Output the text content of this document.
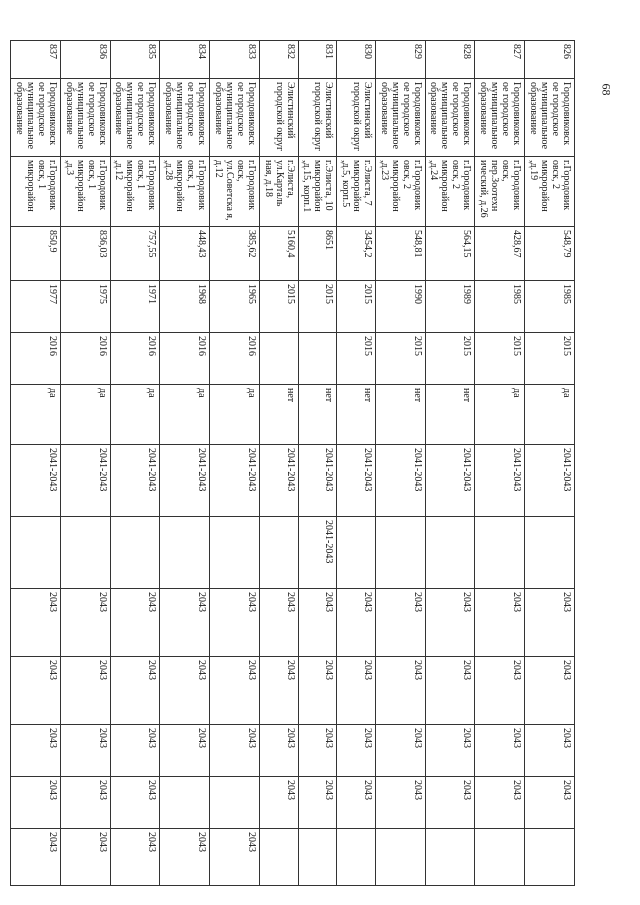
826	Городовиковск ое городское муниципальное образование	г.Городовик овск, 2 микрорайон ,д.19	548,79	1985	2015	да	2041-2043		2043	2043	2043	2043	
827	Городовиковск ое городское муниципальное образование	г.Городовик овск, пер.Зоотехн ический, д.26	428,67	1985	2015	да	2041-2043		2043	2043	2043	2043	
828	Городовиковск ое городское муниципальное образование	г.Городовик овск, 2 микрорайон ,д.24	564,15	1989	2015	нет	2041-2043		2043	2043	2043	2043	
829	Городовиковск ое городское муниципальное образование	г.Городовик овск, 2 микрорайон ,д.23	548,81	1990	2015	нет	2041-2043		2043	2043	2043	2043	
830	Элистинский городской округ	г.Элиста, 7 микрорайон ,д.5, корп.5	3454,2	2015	2015	нет	2041-2043		2043	2043	2043	2043	
831	Элистинский городской округ	г.Элиста, 10 микрорайон ,д.15, корп.1	8651	2015		нет	2041-2043	2041-2043	2043	2043	2043	2043	
832	Элистинский городской округ	г.Элиста, ул.Карталь ная, д.18	5160,4	2015		нет	2041-2043		2043	2043	2043	2043	
833	Городовиковск ое городское муниципальное образование	г.Городовик овск, ул.Советска я, д.12	385,62	1965	2016	да	2041-2043		2043	2043	2043		2043
834	Городовиковск ое городское муниципальное образование	г.Городовик овск, 1 микрорайон ,д.28	448,43	1968	2016	да	2041-2043		2043	2043	2043		2043
835	Городовиковск ое городское муниципальное образование	г.Городовик овск, 1 микрорайон ,д.12	757,55	1971	2016	да	2041-2043		2043	2043	2043	2043	2043
836	Городовиковск ое городское муниципальное образование	г.Городовик овск, 1 микрорайон ,д.3	836,03	1975	2016	да	2041-2043		2043	2043	2043	2043	2043
837	Городовиковск ое городское муниципальное образование	г.Городовик овск, 1 микрорайон	850,9	1977	2016	да	2041-2043		2043	2043	2043	2043	2043
68
